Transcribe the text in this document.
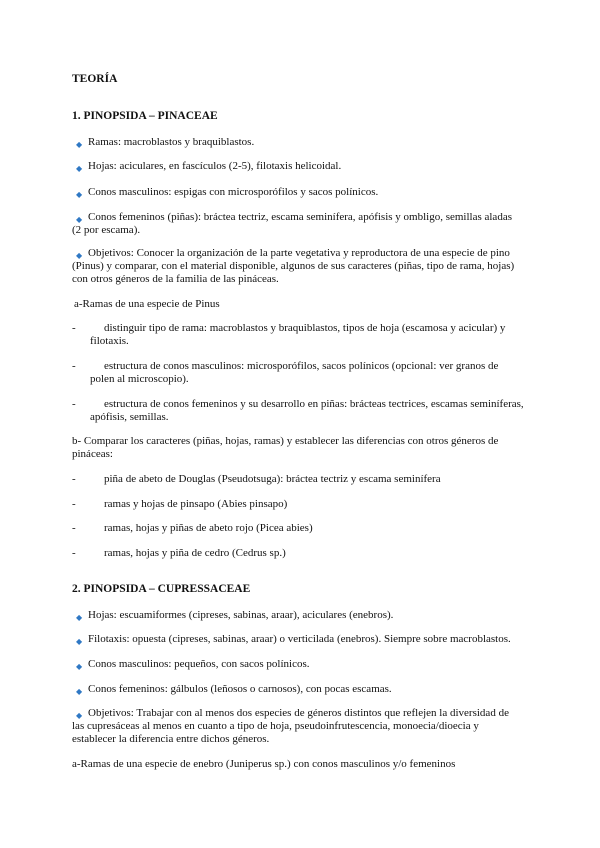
TEORÍA
1. PINOPSIDA – PINACEAE
◆ Ramas: macroblastos y braquiblastos.
◆ Hojas: aciculares, en fascículos (2-5), filotaxis helicoidal.
◆ Conos masculinos: espigas con microsporófilos y sacos polínicos.
◆ Conos femeninos (piñas): bráctea tectriz, escama seminífera, apófisis y ombligo, semillas aladas
(2 por escama).
◆ Objetivos: Conocer la organización de la parte vegetativa y reproductora de una especie de pino
(Pinus) y comparar, con el material disponible, algunos de sus caracteres (piñas, tipo de rama, hojas)
con otros géneros de la familia de las pináceas.
a-Ramas de una especie de Pinus
-	distinguir tipo de rama: macroblastos y braquiblastos, tipos de hoja (escamosa y acicular) y
filotaxis.
-	estructura de conos masculinos: microsporófilos, sacos polínicos (opcional: ver granos de
polen al microscopio).
-	estructura de conos femeninos y su desarrollo en piñas: brácteas tectrices, escamas seminíferas,
apófisis, semillas.
b- Comparar los caracteres (piñas, hojas, ramas) y establecer las diferencias con otros géneros de
pináceas:
-	piña de abeto de Douglas (Pseudotsuga): bráctea tectriz y escama seminífera
-	ramas y hojas de pinsapo (Abies pinsapo)
-	ramas, hojas y piñas de abeto rojo (Picea abies)
-	ramas, hojas y piña de cedro (Cedrus sp.)
2. PINOPSIDA – CUPRESSACEAE
◆ Hojas: escuamiformes (cipreses, sabinas, araar), aciculares (enebros).
◆ Filotaxis: opuesta (cipreses, sabinas, araar) o verticilada (enebros). Siempre sobre macroblastos.
◆ Conos masculinos: pequeños, con sacos polínicos.
◆ Conos femeninos: gálbulos (leñosos o carnosos), con pocas escamas.
◆ Objetivos: Trabajar con al menos dos especies de géneros distintos que reflejen la diversidad de
las cupresáceas al menos en cuanto a tipo de hoja, pseudoinfrutescencia, monoecia/dioecia y
establecer la diferencia entre dichos géneros.
a-Ramas de una especie de enebro (Juniperus sp.) con conos masculinos y/o femeninos
